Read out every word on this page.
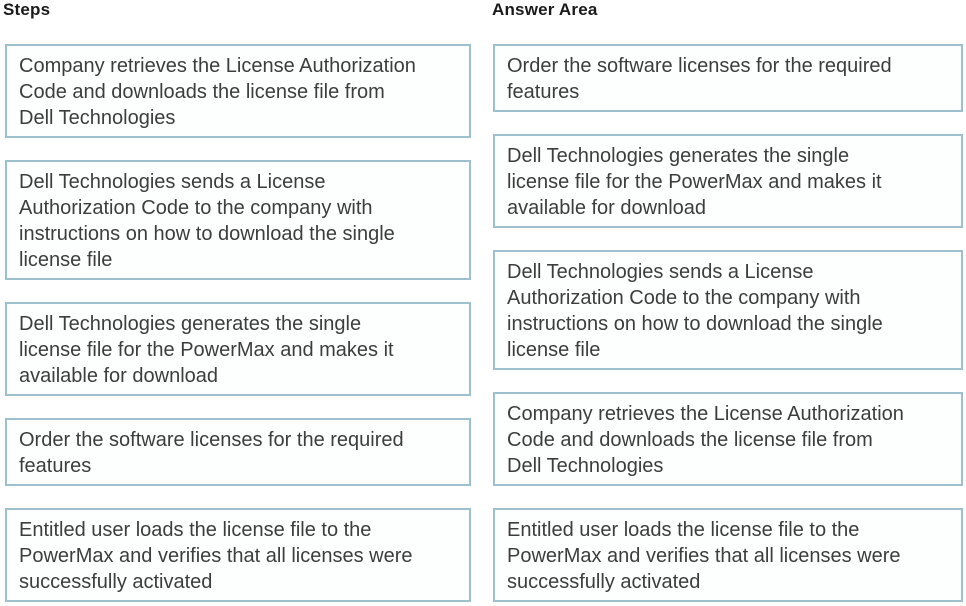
Steps	Answer Area
Company retrieves the License Authorization Code and downloads the license file from Dell Technologies
Dell Technologies sends a License Authorization Code to the company with instructions on how to download the single license file
Dell Technologies generates the single license file for the PowerMax and makes it available for download
Order the software licenses for the required features
Entitled user loads the license file to the PowerMax and verifies that all licenses were successfully activated
Order the software licenses for the required features
Dell Technologies generates the single license file for the PowerMax and makes it available for download
Dell Technologies sends a License Authorization Code to the company with instructions on how to download the single license file
Company retrieves the License Authorization Code and downloads the license file from Dell Technologies
Entitled user loads the license file to the PowerMax and verifies that all licenses were successfully activated
